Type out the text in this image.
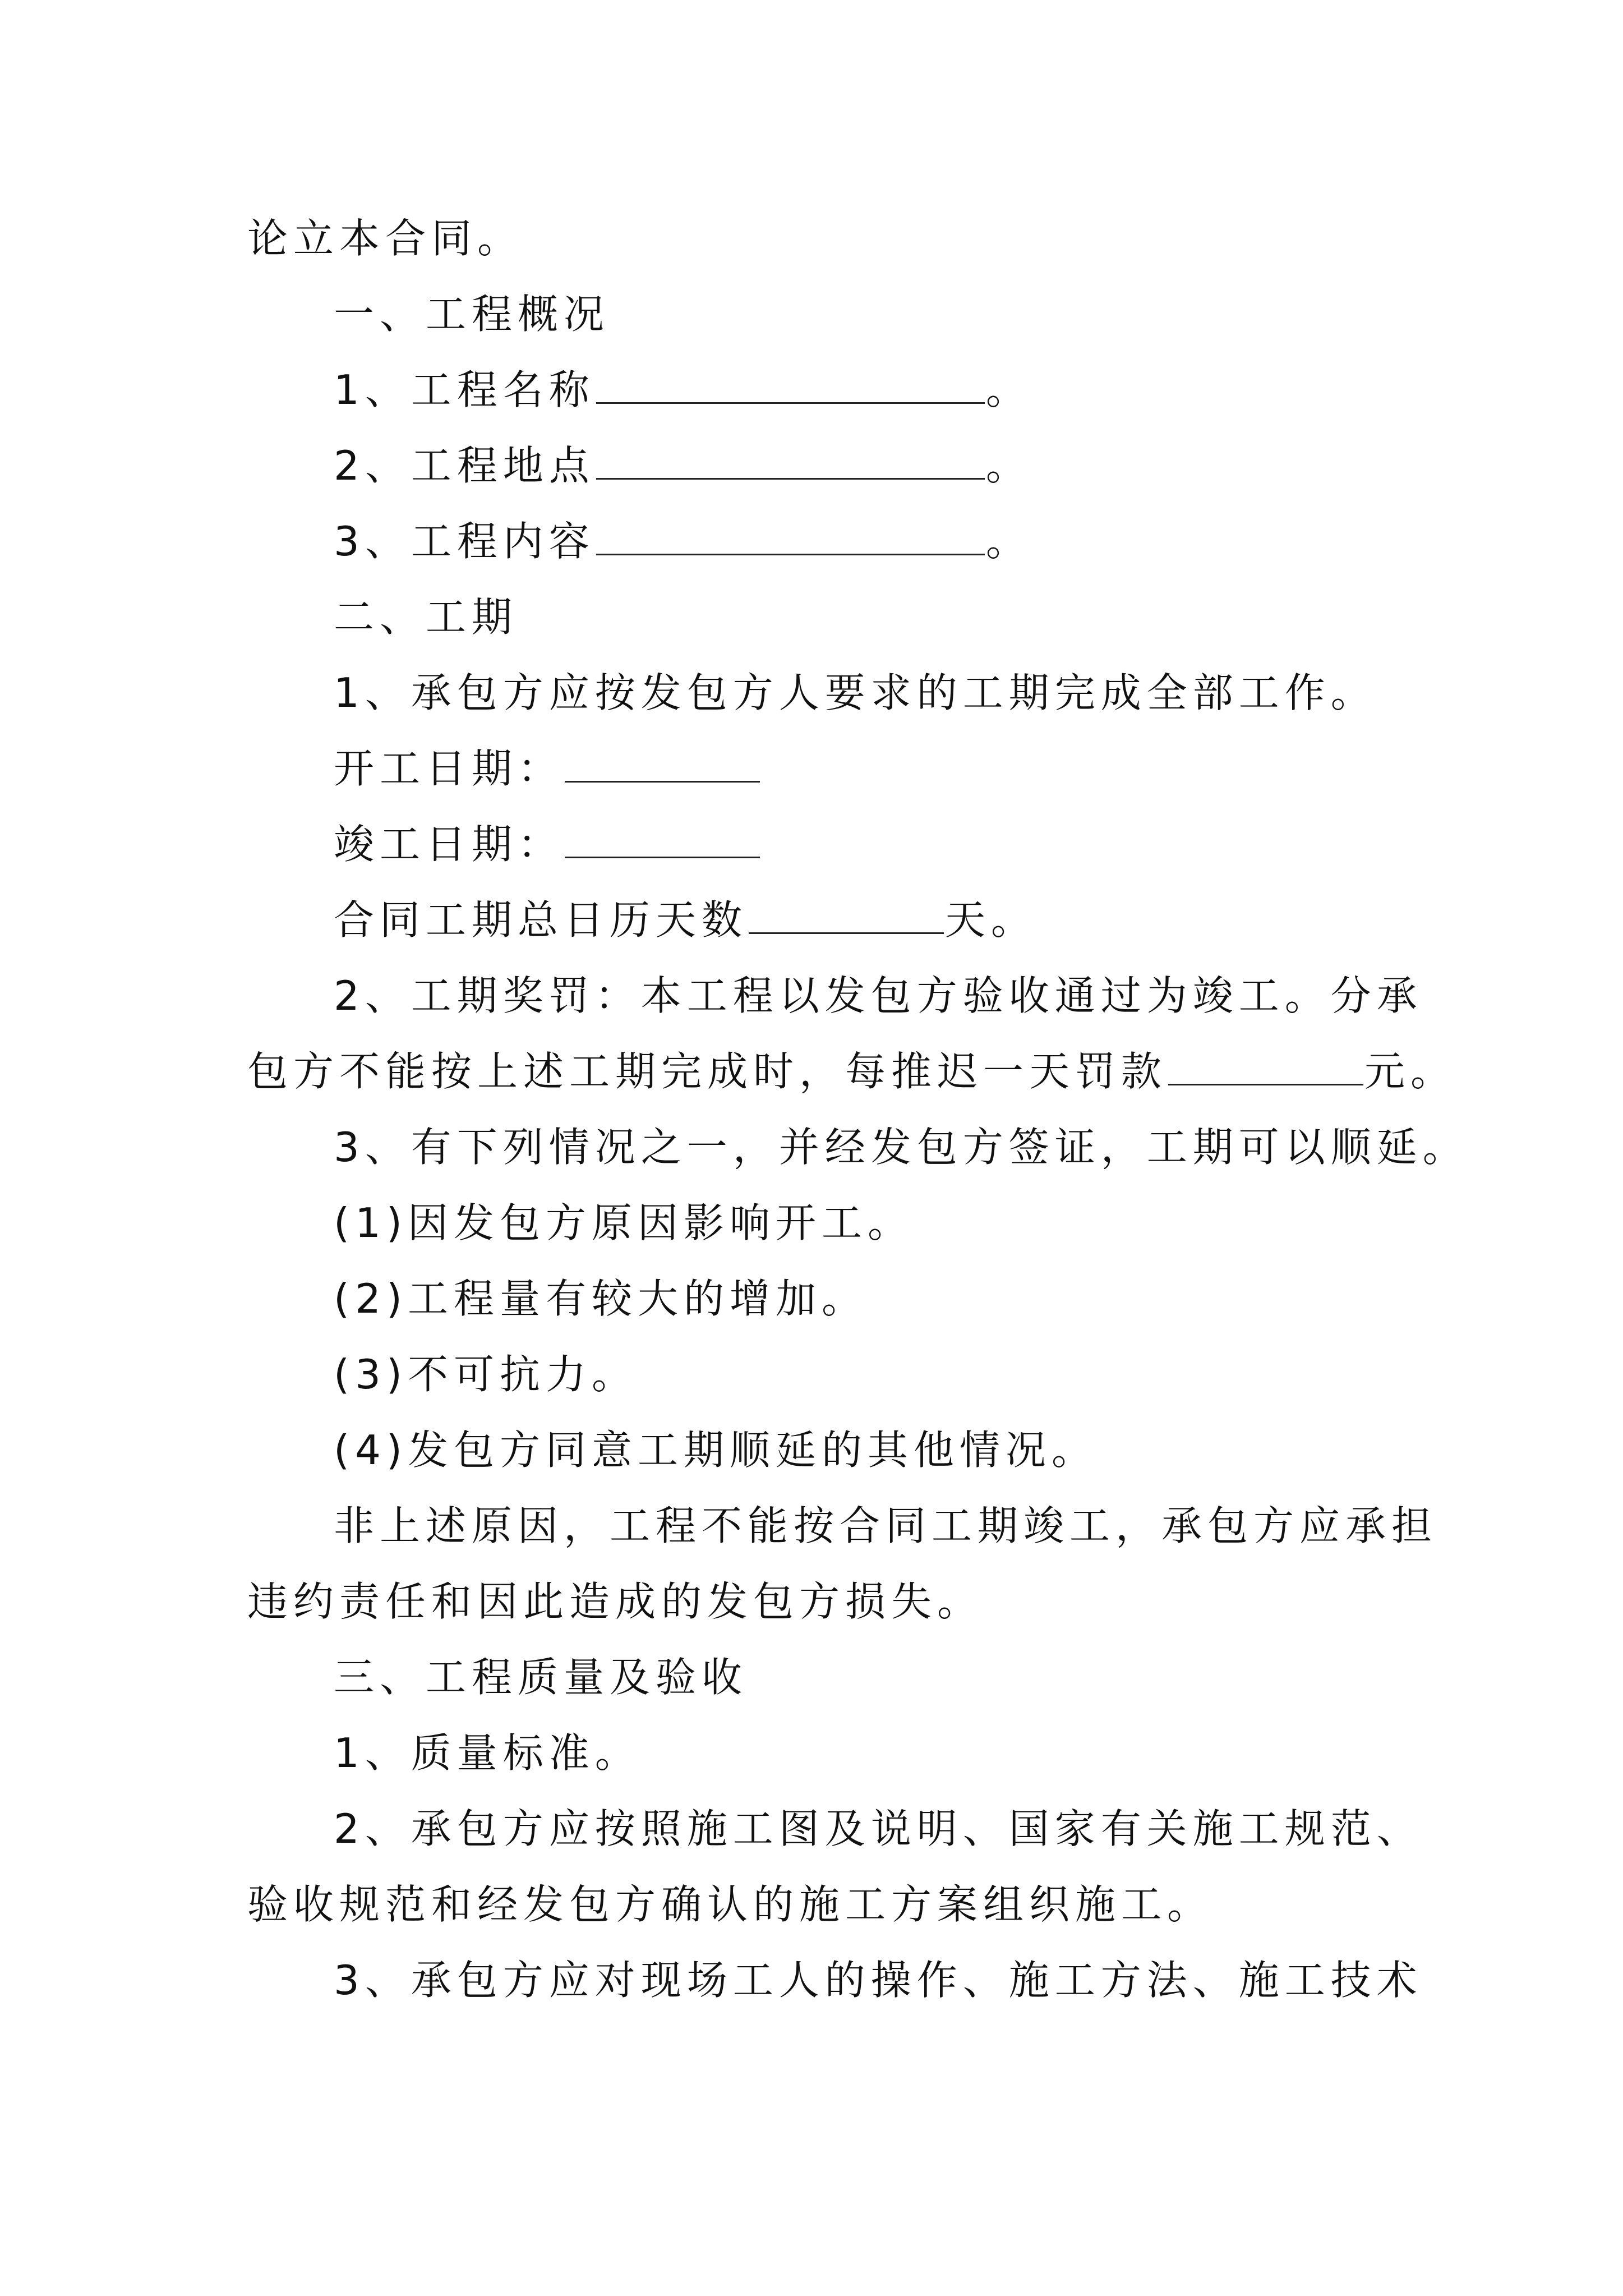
论立本合同。
一、工程概况
1、工程名称	。
2、工程地点	。
3、工程内容	。
二、工期
1、承包方应按发包方人要求的工期完成全部工作。
开工日期：
竣工日期：
合同工期总日历天数	天。
2、工期奖罚：本工程以发包方验收通过为竣工。分承
包方不能按上述工期完成时，每推迟一天罚款	元。
3、有下列情况之一，并经发包方签证，工期可以顺延。
(1)因发包方原因影响开工。
(2)工程量有较大的增加。
(3)不可抗力。
(4)发包方同意工期顺延的其他情况。
非上述原因，工程不能按合同工期竣工，承包方应承担
违约责任和因此造成的发包方损失。
三、工程质量及验收
1、质量标准。
2、承包方应按照施工图及说明、国家有关施工规范、
验收规范和经发包方确认的施工方案组织施工。
3、承包方应对现场工人的操作、施工方法、施工技术
